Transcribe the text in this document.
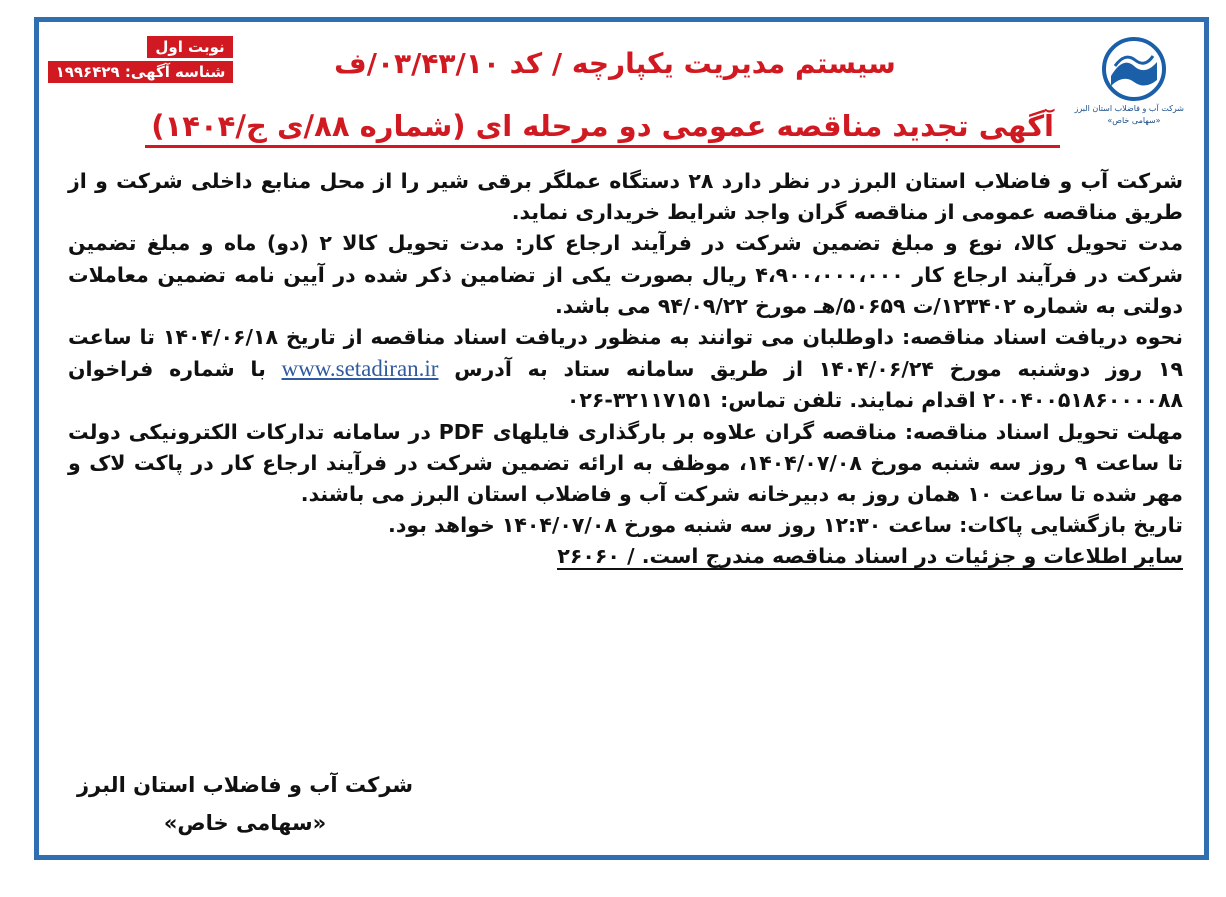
نوبت اول
شناسه آگهی: ۱۹۹۶۴۲۹
شرکت آب و فاضلاب استان البرز
«سهامی خاص»
سیستم مدیریت یکپارچه / کد ۰۳/۴۳/۱۰/ف
آگهی تجدید مناقصه عمومی دو مرحله ای (شماره ۸۸/ی ج/۱۴۰۴)

شرکت آب و فاضلاب استان البرز در نظر دارد ۲۸ دستگاه عملگر برقی شیر را از محل منابع داخلی شرکت و از طریق مناقصه عمومی از مناقصه گران واجد شرایط خریداری نماید.

مدت تحویل کالا، نوع و مبلغ تضمین شرکت در فرآیند ارجاع کار: مدت تحویل کالا ۲ (دو) ماه و مبلغ تضمین شرکت در فرآیند ارجاع کار ۴،۹۰۰،۰۰۰،۰۰۰ ریال بصورت یکی از تضامین ذکر شده در آیین نامه تضمین معاملات دولتی به شماره ۱۲۳۴۰۲/ت ۵۰۶۵۹/هـ مورخ ۹۴/۰۹/۲۲ می باشد.

نحوه دریافت اسناد مناقصه: داوطلبان می توانند به منظور دریافت اسناد مناقصه از تاریخ ۱۴۰۴/۰۶/۱۸ تا ساعت ۱۹ روز دوشنبه مورخ ۱۴۰۴/۰۶/۲۴ از طریق سامانه ستاد به آدرس www.setadiran.ir با شماره فراخوان ۲۰۰۴۰۰۵۱۸۶۰۰۰۰۸۸ اقدام نمایند. تلفن تماس: ۳۲۱۱۷۱۵۱-۰۲۶

مهلت تحویل اسناد مناقصه: مناقصه گران علاوه بر بارگذاری فایلهای PDF در سامانه تدارکات الکترونیکی دولت تا ساعت ۹ روز سه شنبه مورخ ۱۴۰۴/۰۷/۰۸، موظف به ارائه تضمین شرکت در فرآیند ارجاع کار در پاکت لاک و مهر شده تا ساعت ۱۰ همان روز به دبیرخانه شرکت آب و فاضلاب استان البرز می باشند.

تاریخ بازگشایی پاکات: ساعت ۱۲:۳۰ روز سه شنبه مورخ ۱۴۰۴/۰۷/۰۸ خواهد بود.

سایر اطلاعات و جزئیات در اسناد مناقصه مندرج است. / ۲۶۰۶۰

شرکت آب و فاضلاب استان البرز
«سهامی خاص»
